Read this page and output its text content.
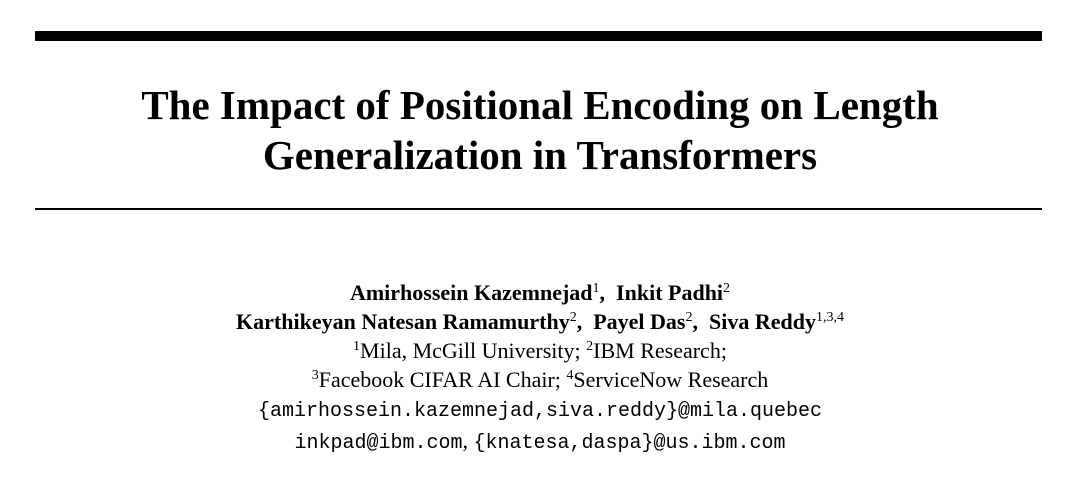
The Impact of Positional Encoding on Length
Generalization in Transformers
Amirhossein Kazemnejad$^1$,  Inkit Padhi$^2$
Karthikeyan Natesan Ramamurthy$^2$,  Payel Das$^2$,  Siva Reddy$^{1,3,4}$
$^1$Mila, McGill University; $^2$IBM Research;
$^3$Facebook CIFAR AI Chair; $^4$ServiceNow Research
{amirhossein.kazemnejad,siva.reddy}@mila.quebec
inkpad@ibm.com, {knatesa,daspa}@us.ibm.com
